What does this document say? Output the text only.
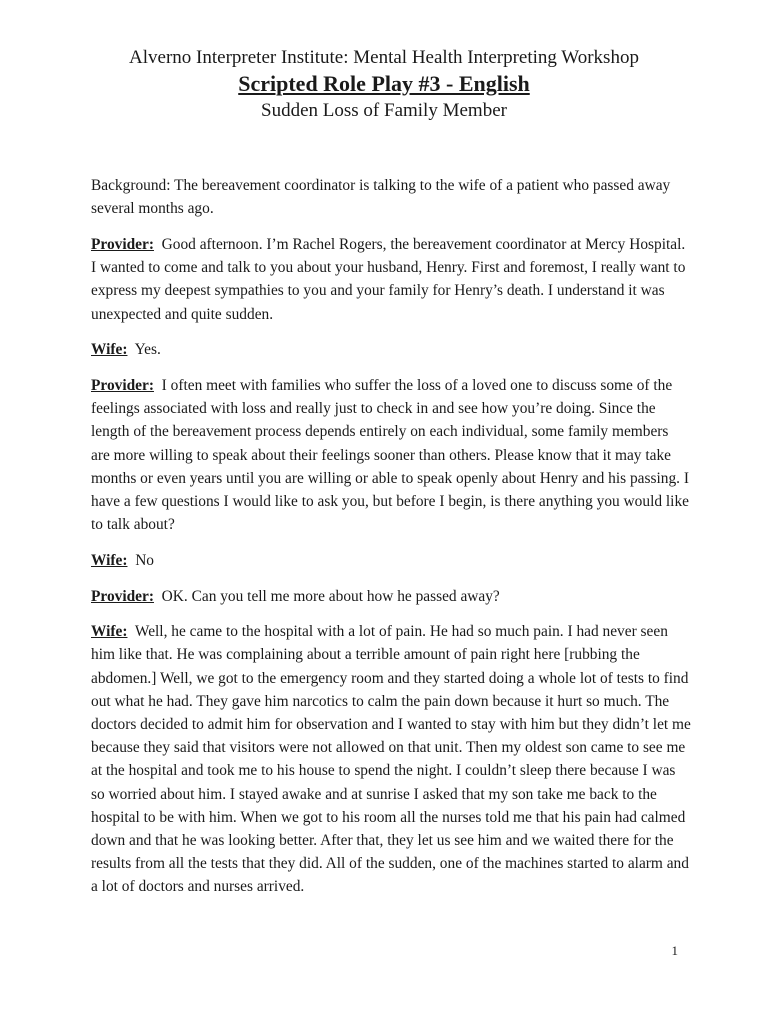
Alverno Interpreter Institute: Mental Health Interpreting Workshop
Scripted Role Play #3 - English
Sudden Loss of Family Member

Background: The bereavement coordinator is talking to the wife of a patient who passed away several months ago.

Provider: Good afternoon. I’m Rachel Rogers, the bereavement coordinator at Mercy Hospital. I wanted to come and talk to you about your husband, Henry. First and foremost, I really want to express my deepest sympathies to you and your family for Henry’s death. I understand it was unexpected and quite sudden.

Wife: Yes.

Provider: I often meet with families who suffer the loss of a loved one to discuss some of the feelings associated with loss and really just to check in and see how you’re doing. Since the length of the bereavement process depends entirely on each individual, some family members are more willing to speak about their feelings sooner than others. Please know that it may take months or even years until you are willing or able to speak openly about Henry and his passing. I have a few questions I would like to ask you, but before I begin, is there anything you would like to talk about?

Wife: No

Provider: OK. Can you tell me more about how he passed away?

Wife: Well, he came to the hospital with a lot of pain. He had so much pain. I had never seen him like that. He was complaining about a terrible amount of pain right here [rubbing the abdomen.] Well, we got to the emergency room and they started doing a whole lot of tests to find out what he had. They gave him narcotics to calm the pain down because it hurt so much. The doctors decided to admit him for observation and I wanted to stay with him but they didn’t let me because they said that visitors were not allowed on that unit. Then my oldest son came to see me at the hospital and took me to his house to spend the night. I couldn’t sleep there because I was so worried about him. I stayed awake and at sunrise I asked that my son take me back to the hospital to be with him. When we got to his room all the nurses told me that his pain had calmed down and that he was looking better. After that, they let us see him and we waited there for the results from all the tests that they did. All of the sudden, one of the machines started to alarm and a lot of doctors and nurses arrived.

1
